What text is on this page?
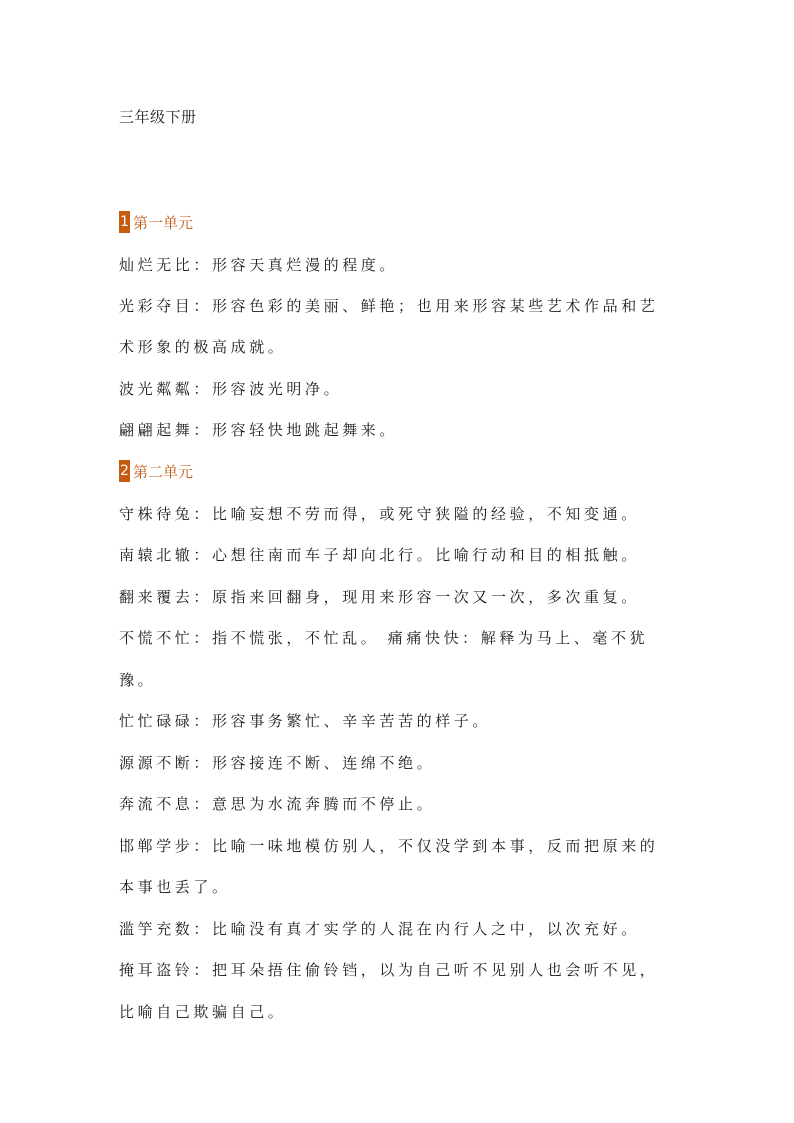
三年级下册
1 第一单元
灿烂无比：形容天真烂漫的程度。
光彩夺目：形容色彩的美丽、鲜艳；也用来形容某些艺术作品和艺
术形象的极高成就。
波光粼粼：形容波光明净。
翩翩起舞：形容轻快地跳起舞来。
2 第二单元
守株待兔：比喻妄想不劳而得，或死守狭隘的经验，不知变通。
南辕北辙：心想往南而车子却向北行。比喻行动和目的相抵触。
翻来覆去：原指来回翻身，现用来形容一次又一次，多次重复。
不慌不忙：指不慌张，不忙乱。 痛痛快快：解释为马上、毫不犹
豫。
忙忙碌碌：形容事务繁忙、辛辛苦苦的样子。
源源不断：形容接连不断、连绵不绝。
奔流不息：意思为水流奔腾而不停止。
邯郸学步：比喻一味地模仿别人，不仅没学到本事，反而把原来的
本事也丢了。
滥竽充数：比喻没有真才实学的人混在内行人之中，以次充好。
掩耳盗铃：把耳朵捂住偷铃铛，以为自己听不见别人也会听不见，
比喻自己欺骗自己。
